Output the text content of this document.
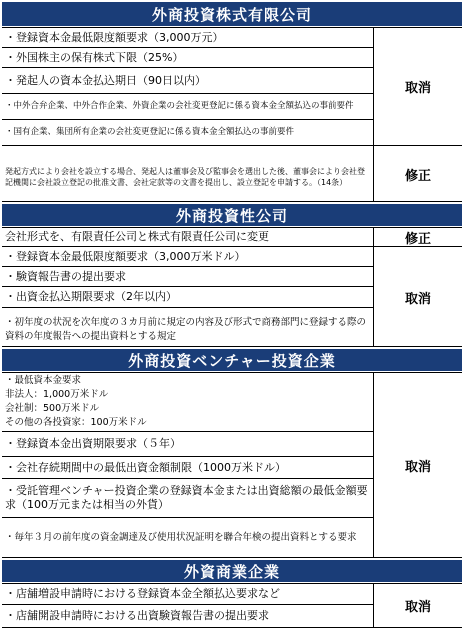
外商投資株式有限公司
・登録資本金最低限度額要求（3,000万元）
・外国株主の保有株式下限（25%）
・発起人の資本金払込期日（90日以内）
・中外合弁企業、中外合作企業、外資企業の会社変更登記に係る資本金全額払込の事前要件
・国有企業、集団所有企業の会社変更登記に係る資本金全額払込の事前要件
発起方式により会社を設立する場合、発起人は董事会及び監事会を選出した後、董事会により会社登記機関に会社設立登記の批准文書、会社定款等の文書を提出し、設立登記を申請する。（14条）
取消
修正
外商投資性公司
会社形式を、有限責任公司と株式有限責任公司に変更
・登録資本金最低限度額要求（3,000万米ドル）
・験資報告書の提出要求
・出資金払込期限要求（2年以内）
・初年度の状況を次年度の３カ月前に規定の内容及び形式で商務部門に登録する際の資料の年度報告への提出資料とする規定
修正
取消
外商投資ベンチャー投資企業
・最低資本金要求
非法人：1,000万米ドル
会社制：500万米ドル
その他の各投資家：100万米ドル
・登録資本金出資期限要求（５年）
・会社存続期間中の最低出資金額制限（1000万米ドル）
・受託管理ベンチャー投資企業の登録資本金または出資総額の最低金額要求（100万元または相当の外貨）
・毎年３月の前年度の資金調達及び使用状況証明を聯合年検の提出資料とする要求
取消
外資商業企業
・店舗増設申請時における登録資本金全額払込要求など
・店舗開設申請時における出資験資報告書の提出要求
取消
